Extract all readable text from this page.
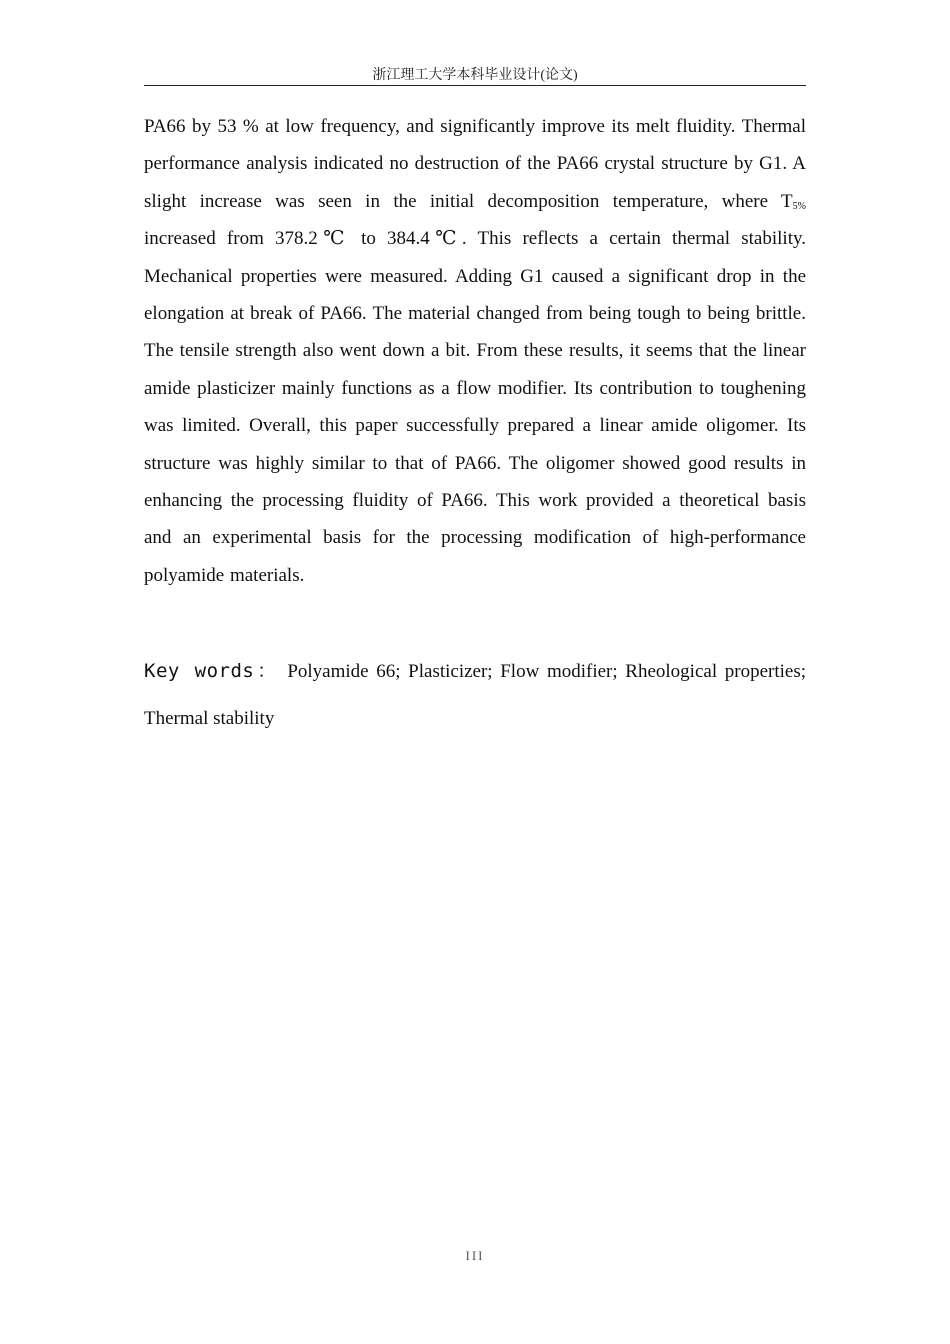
浙江理工大学本科毕业设计(论文)

PA66 by 53 % at low frequency, and significantly improve its melt fluidity. Thermal performance analysis indicated no destruction of the PA66 crystal structure by G1. A slight increase was seen in the initial decomposition temperature, where $T_{5\%}$ increased from 378.2℃ to 384.4℃. This reflects a certain thermal stability. Mechanical properties were measured. Adding G1 caused a significant drop in the elongation at break of PA66. The material changed from being tough to being brittle. The tensile strength also went down a bit. From these results, it seems that the linear amide plasticizer mainly functions as a flow modifier. Its contribution to toughening was limited. Overall, this paper successfully prepared a linear amide oligomer. Its structure was highly similar to that of PA66. The oligomer showed good results in enhancing the processing fluidity of PA66. This work provided a theoretical basis and an experimental basis for the processing modification of high-performance polyamide materials.

Key words： Polyamide 66; Plasticizer; Flow modifier; Rheological properties; Thermal stability

III
